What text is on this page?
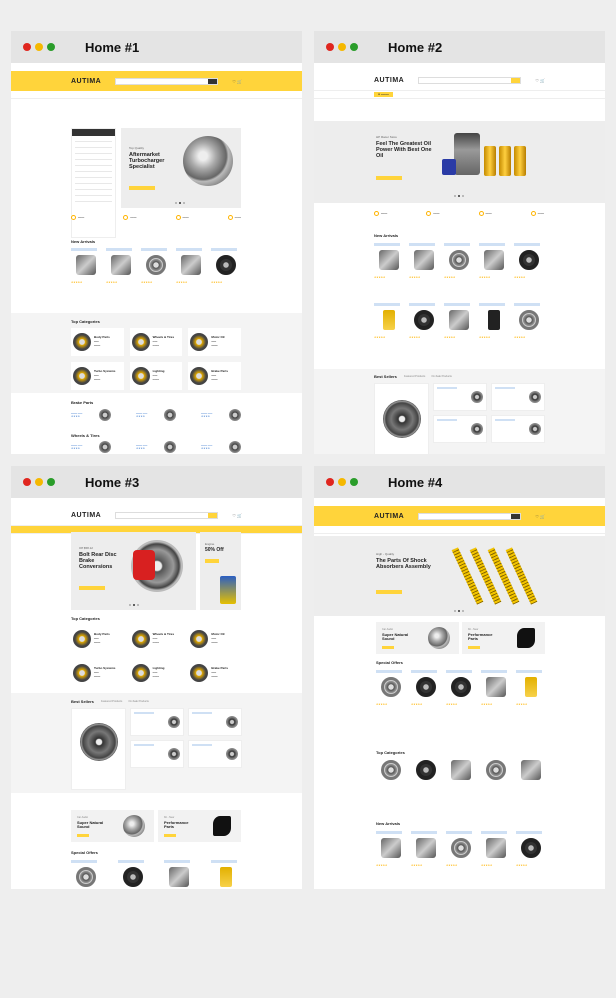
Home #1
AUTIMA	♡ 🛒
Top Quality
Aftermarket Turbocharger Specialist
━━━━	━━━━	━━━━	━━━━
New Arrivals
★★★★★	★★★★★	★★★★★	★★★★★	★★★★★
Top Categories
Body Parts
━━━
━━━━
Wheels & Tires
━━━
━━━━
Motor Oil
━━━
━━━━
Turbo Systems
━━━
━━━━
Lighting
━━━
━━━━
Brake Parts
━━━
━━━━
Brake Parts
━━━━ ━━━
★★★★
━━━━ ━━━
★★★★
━━━━ ━━━
★★★★
Wheels & Tires
━━━━ ━━━
★★★★
━━━━ ━━━
★★★★
━━━━ ━━━
★★★★
Home #2
AUTIMA	♡ 🛒
☰ ━━━━━
HP Racer Store
Feel The Greatest Oil Power With Best One Oil
━━━━	━━━━	━━━━	━━━━
New Arrivals
★★★★★	★★★★★	★★★★★	★★★★★	★★★★★
★★★★★	★★★★★	★★★★★	★★★★★	★★★★★
Best Sellers	Featured Products On-Sale Products
Home #3
AUTIMA	♡ 🛒
Off $58.12
Bolt Rear Disc Brake Conversions
Engine
50% Off
Top Categories
Body Parts
━━━
━━━━
Wheels & Tires
━━━
━━━━
Motor Oil
━━━
━━━━
Turbo Systems
━━━
━━━━
Lighting
━━━
━━━━
Brake Parts
━━━
━━━━
Best Sellers	Featured Products On-Sale Products
Car Audio
Super Natural Sound
Kit - New
Performance Parts
Special Offers
Home #4
AUTIMA	♡ 🛒
High - Quality
The Parts Of Shock Absorbers Assembly
Car Audio
Super Natural Sound
Kit - New
Performance Parts
Special Offers
★★★★★	★★★★★	★★★★★	★★★★★	★★★★★
Top Categories
New Arrivals
★★★★★	★★★★★	★★★★★	★★★★★	★★★★★
